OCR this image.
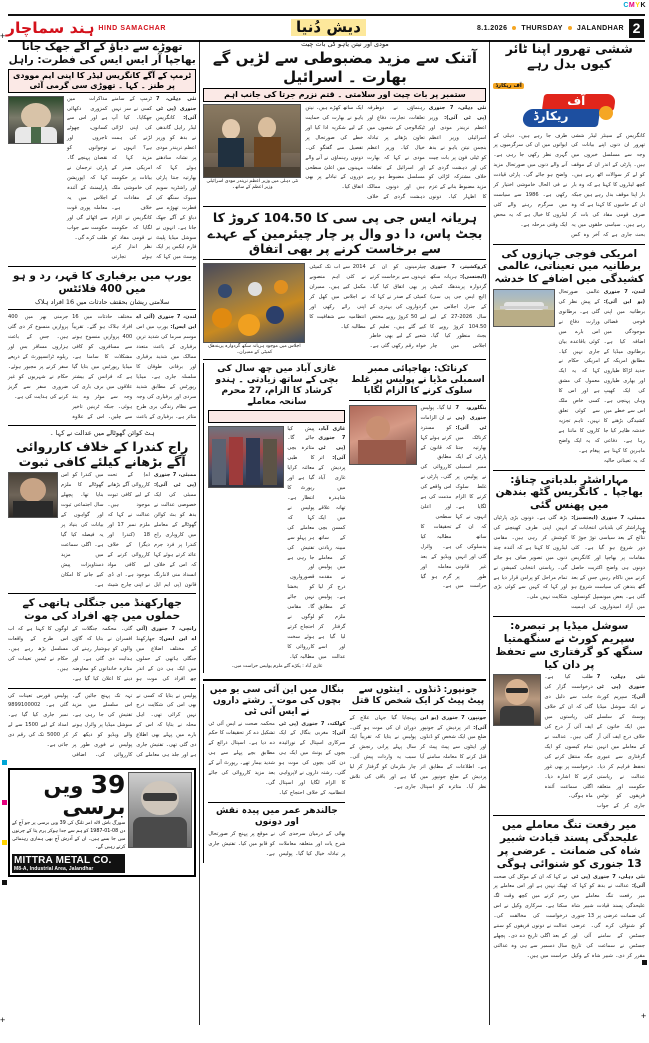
+
+
+
+
CMYK
ہند سماچار HIND SAMACHAR	دیش دُنیا	8.1.2026 THURSDAY JALANDHAR 2
تھوڑے سے دباؤ کے آگے جھک جانا بھاجپا آر ایس ایس کی فطرت: راہل
ٹرمپ کے آگے کانگریس لیڈر کا اپنی ایم موودی پر طنز ۔ کہا ۔ تھوڑی سی گرمی آئی
نئی دہلی، 7 جنوری (پی ٹی آئی): کانگریس لیڈر راہل گاندھی نے بدھ کو وزیر اعظم نریندر مودی پر نشانہ سادھتے ہوئے کہا کہ بھارتیہ جنتا پارٹی اور راشٹریہ سویم سیوک سنگھ کی فطرت تھوڑے سے دباؤ کے آگے جھک جانا ہے۔ انہوں نے سوشل میڈیا پلیٹ فارم ایکس پر ایک پوسٹ میں کہا کہ ٹرمپ کے سامنے کسی نے سر نہیں جھکایا۔ کیا آپ کی اپنی لڑائی لڑنے کی ہمت ہے؟ انہوں نے مزید کہا کہ امریکی صدر کے بیانات پر حکومت کی خاموشی ملک کے مفادات کے خلاف ہے۔ کانگریس نے الزام لگایا کہ حکومت نے قومی مفاد کو نظر انداز کرتے ہوئے تجارتی مذاکرات میں کمزوری دکھائی ہے اور اس سے کسانوں، چھوٹے تاجروں اور نوجوانوں کو نقصان پہنچے گا۔ پارٹی ترجمان نے کہا کہ اپوزیشن پارلیمنٹ کے آئندہ اجلاس میں یہ معاملہ پوری قوت سے اٹھائے گی اور حکومت سے جواب طلب کرے گی۔
یورپ میں برفباری کا قہر، رد و ہو میں 400 فلائٹس
سلامتی ریشان بحقتف حادثات میں 16 افراد ہلاک
لندن، 7 جنوری (آئی اے این ایس): یورپ میں اس موسم سرما کی شدید ترین برفباری کے باعث متعدد ممالک میں شدید برفباری اور برفانی طوفان کا سلسلہ جاری ہے۔ میڈیا رپورٹس کے مطابق شدید سردی اور برفباری کی وجہ سے نظام زندگی بری طرح متاثر ہے۔ برفباری کے باعث مختلف حادثات میں 16 افراد ہلاک ہو گئے۔ تقریباً 400 پروازیں منسوخ ہونے سے مسافروں کو کافی مشکلات کا سامنا ہے۔ میڈیا رپورٹس میں بتایا گیا ہے کہ فرانس کے بیشتر علاقوں میں برف باری کی وجہ سے موٹر وے بند ہوئی۔ جبکہ ٹرینیں تاخیر سے چلیں۔ اس کے علاوہ جرمنی بھر میں 400 پروازیں منسوخ کر دی گئی ہیں۔ جس کے باعث ہزاروں مسافر بس اور ریلوے ٹرانسپورٹ کے ذریعے سفر کرنے پر مجبور ہوئے۔ حکام نے شہریوں کو غیر ضروری سفر سے گریز کرنے کی ہدایت کی ہے۔
ہٹ کوائن گھوٹالے میں عدالت نے کہا ۔
راج کندرا کے خلاف کارروائی آگے بڑھانے کیلئے کافی ثبوت
ممبئی، 7 جنوری (پی ٹی آئی): ممبئی کی ایک خصوصی عدالت نے بدھ کو بٹ کوائن گھوٹالے کے معاملے میں کاروباری راج کندرا پر فرد جرم عائد کرتے ہوئے کہا کہ اس کے خلاف انسداد منی لانڈرنگ قانون (پی ایم ایل اے) کے تحت کارروائی آگے بڑھانے کے لیے کافی ثبوت موجود ہیں۔ عدالت نے کہا کہ ملزم نمبر 17 اور 18 (کندرا اور دیگر) کے خلاف کارروائی کرنے کے لیے کافی مواد موجود ہے۔ ای ڈی نے اپنی چارج شیٹ میں کندرا کو اس گھوٹالے کا ملزم بنایا تھا۔ پچھلے سال اجتماعی ثبوت اور گواہوں کے بیانات کی بنیاد پر یہ فیصلہ کیا گیا ہے۔ اگلی سماعت میں مزید دستاویزات پیش کیے جانے کا امکان ہے۔
جھارکھنڈ میں جنگلی ہاتھی کے حملوں میں چھ افراد کی موت
رانچی، 7 جنوری (آئی اے این ایس): جھارکھنڈ کے مختلف اضلاع میں جنگلی ہاتھی کے حملوں میں ایک ہی دن کے اندر چھ افراد کی موت ہو گئی۔ محکمہ جنگلات کے افسران نے بتایا کہ گاؤں والوں کو ہوشیار رہنے کی ہدایت دی گئی ہے۔ اور متاثرہ خاندانوں کو معاوضہ دینے کا اعلان کیا گیا ہے۔ لوگوں کا کہنا ہے کہ اب اس طرح کے واقعات مسلسل بڑھ رہے ہیں۔ حکام نے ٹیمیں تعینات کی ہیں۔
پولیس نے بتایا کہ کسی نے بھی اس کی شکایت درج نہیں کرائی تھی۔ اہل محلہ نے بتایا کہ اس کے بارے میں پہلے بھی اطلاع دی گئی تھی۔ تفتیش جاری ہے اور جلد ہی معاملے کی تہہ تک پہنچ جائیں گے۔ اس سلسلے میں مزید تفتیش کی جا رہی ہے۔ سوشل میڈیا پر وائرل ہونے والے ویڈیو کو دیکھ کر پولیس نے فوری طور پر کارروائی کی۔ اضافی پولیس فورس تعینات کی گئی ہے۔ 9899100002 نمبر جاری کیا گیا ہے۔ امداد کے لیے 1500 سے لے کر 5000 تک کی رقم دی جاتی ہے۔
39 ویں برسی
سورگ باش لالہ امر تلنگ کی 39 ویں برسی پر جو آج کے دن 08-01-1987 کو ہم سے جدا ہوکر پرم پتا کے چرنوں میں جا بسے ہیں۔ ان کے آدرش آج بھی ہماری رہنمائی کرتے رہیں گے۔
MITTRA METAL CO.
M8-A, Industrial Area, Jalandhar
مودی اور نیتن یاہو کی بات چیت
آتنک سے مزید مضبوطی سے لڑیں گے بھارت ۔ اسرائیل
ستمبر پر بات چیت اور سلامتی ۔ قتم نزرم جرتا کی جانب اہم
نئی دہلی میں وزیر اعظم نریندر مودی اسرائیلی وزیر اعظم کے ساتھ۔
نئی دہلی، 7 جنوری (پی ٹی آئی): وزیر اعظم نریندر مودی اور اسرائیلی وزیر اعظم بنجمن نیتن یاہو نے بدھ کو ٹیلی فون پر بات چیت کی اور دہشت گردی کے خلاف مشترکہ لڑائی کو مزید مضبوط بنانے کے عزم کا اظہار کیا۔ دونوں رہنماؤں نے دوطرفہ تعلقات، تجارت، دفاع اور ٹیکنالوجی کے شعبوں میں تعاون بڑھانے پر تبادلہ خیال کیا۔ وزیر اعظم مودی نے کہا کہ بھارت اور اسرائیل کے تعلقات مسلسل مضبوط ہو رہے ہیں اور دونوں ممالک دہشت گردی کے خلاف ایک ساتھ کھڑے ہیں۔ نیتن یاہو نے بھارت کی حمایت کے لیے شکریہ ادا کیا اور خطے کی صورتحال پر تفصیل سے گفتگو کی۔ دونوں رہنماؤں نے آنے والے مہینوں میں اعلیٰ سطحی دوروں کے تبادلے پر بھی اتفاق کیا۔
ہریانہ ایس جی پی سی کا 104.50 کروڑ کا بجٹ پاس، دا دو وال پر چار چیئرمین کے عہدے سے برخاست کرنے پر بھی اتفاق
اجلاس میں موجود ہریانہ سکھ گردوارہ پربندھک کمیٹی کے ممبران۔
کروکشیتر، 7 جنوری (ایجنسی): ہریانہ سکھ گردوارہ پربندھک کمیٹی (ایچ ایس جی پی سی) کے جنرل اجلاس میں سال 2026-27 کے لیے 104.50 کروڑ روپے کا بجٹ منظور کیا گیا۔ اجلاس میں چار چیئرمینوں کو ان کے عہدوں سے برخاست کرنے پر بھی اتفاق کیا گیا۔ کمیٹی کے صدر نے کہا کہ گردواروں کی بہتری کے لیے 50 کروڑ روپے مختص کیے گئے ہیں۔ تعلیم کے شعبے کے لیے بھی خاطر خواہ رقم رکھی گئی ہے۔ 2014 سے اب تک کمیٹی نے کئی اہم منصوبے مکمل کیے ہیں۔ ممبران نے اجلاس میں کھل کر اپنی رائے رکھی اور انتظامیہ سے شفافیت کا مطالبہ کیا۔
غازی آباد میں چھ سال کی بچی کے ساتھ زیادتی ۔ ہندو کرشاد کا الزام، 27 محرم سانحہ معاملے

غازی آباد، 7 جنوری (پی ٹی آئی): اتر پردیش کے غازی آباد میں شاہدرہ تھانہ علاقے میں ایک کمسن بچی کے ساتھ مبینہ زیادتی کے معاملے میں پولیس نے مقدمہ درج کر لیا ہے۔ پولیس کے مطابق ملزم کو گرفتار کر لیا گیا ہے اور اسے عدالت میں پیش کیا جائے گا۔ متاثرہ بچی کا طبی معائنہ کرایا گیا ہے اور رپورٹ کا انتظار ہے۔ پولیس نے کہا کہ معاملے کی ہر پہلو سے تفتیش کی جا رہی ہے اور قصورواروں کو بخشا نہیں جائے گا۔ مقامی لوگوں نے احتجاج کرتے ہوئے سخت کارروائی کا مطالبہ کیا۔
غازی آباد : پکڑے گئے ملزم پولیس حراست میں۔
کرناٹک: بھاجپائی ممبر اسمبلی مڈیا نے پولیس پر غلط سلوک کرنے کا الزام لگایا
بنگلورو، 7 جنوری (پی ٹی آئی): کرناٹک میں بھارتیہ جنتا پارٹی کے ایک ممبر اسمبلی نے پولیس پر غلط سلوک کرنے کا الزام لگایا ہے۔ انہوں نے کہا کہ ان کے ساتھ بدسلوکی کی گئی اور انہیں غیر قانونی طور پر حراست میں لیا گیا۔ پولیس نے ان الزامات کو مسترد کرتے ہوئے کہا کہ قانون کے مطابق کارروائی کی گئی۔ پارٹی نے اس واقعے کی مذمت کی ہے اور اعلیٰ سطحی تحقیقات کا مطالبہ کیا ہے۔ وائرل ویڈیو کے بعد معاملہ اور گرم ہو گیا ہے۔
بنگال میں این آئی سی یو میں بچوں کی موت ۔ رشتے داروں نے ایس آئی ٹی
کولکتہ، 7 جنوری (پی ٹی آئی): مغربی بنگال کے ایک سرکاری اسپتال کے نوزائیدہ بچوں کے یونٹ میں ایک ہی دن کئی بچوں کی موت ہو گئی۔ رشتہ داروں نے لاپرواہی کا الزام لگایا اور اسپتال انتظامیہ کے خلاف احتجاج کیا۔ محکمہ صحت نے ایس آئی ٹی تشکیل دے کر تحقیقات کا حکم دے دیا ہے۔ اسپتال ذرائع کے مطابق بچے پہلے سے ہی شدید بیمار تھے۔ رپورٹ آنے کے بعد مزید کارروائی کی جائے گی۔
جالندھر عمر میں پیدہ نقش اور دونوں
بھائی کے درمیان سرحدی کی شرح یات اور متعلقہ معاملات پر تبادلہ خیال کیا گیا۔ پولیس نے موقع پر پہنچ کر صورتحال کو قابو میں کیا۔ تفتیش جاری ہے۔
جونپور: ڈنڈوں ۔ اینٹوں سے پیٹ پیٹ کر ایک شخص کا قتل
جونپور، 7 جنوری (یو این آئی): اتر پردیش کے جونپور ضلع میں ایک شخص کو ڈنڈوں اور اینٹوں سے پیٹ پیٹ کر قتل کرنے کا معاملہ سامنے آیا ہے۔ اطلاعات کے مطابق اتر پردیش کے ضلع جونپور میں نظر آیا۔ متاثرہ کو اسپتال پہنچایا گیا جہاں علاج کے دوران ان کی موت ہو گئی۔ پولیس نے بتایا کہ تقریباً ایک سال پہلے پرانی رنجش کے سبب یہ واردات پیش آئی۔ چار ملزمان کو گرفتار کر لیا گیا ہے اور باقی کی تلاش جاری ہے۔
ششی تھرور اپنا ٹائر کیوں بدل رہے
آف ریکارڈ
آف
ریکارڈ
کانگریس کے سینئر لیڈر ششی تھرور ان دنوں اپنے بیانات کی وجہ سے مسلسل خبروں میں ہیں۔ پارٹی کے اندر ان کے موقف کو لے کر سوالات اٹھ رہے ہیں۔ کچھ لیڈروں کا کہنا ہے کہ وہ بار بار اپنا موقف بدل رہے ہیں جبکہ ان کے حامیوں کا کہنا ہے کہ وہ صرف قومی مفاد کی بات کر رہے ہیں۔ سیاسی حلقوں میں یہ بحث جاری ہے کہ آخر وہ کس طرف جا رہے ہیں۔ دہلی کے ایوانوں میں ان کی سرگرمیوں پر گہری نظر رکھی جا رہی ہے۔ آنے والے دنوں میں صورتحال مزید واضح ہو جائے گی۔ پارٹی قیادت نے فی الحال خاموشی اختیار کر رکھی ہے۔ 1986 سے سیاست میں سرگرم رہنے والے کئی لیڈروں کا خیال ہے کہ یہ محض ایک وقتی مرحلہ ہے۔
امریکی فوجی جہازوں کی برطانیہ میں تعیناتی، عالمی کشیدگی میں اضافے کا خدشہ
لندن، 7 جنوری (یو این آئی): برطانیہ میں اپنی فوجی فضائی موجودگی میں اضافہ کیا ہے۔ برطانوی میڈیا کے مطابق امریکہ کے جدید لڑاکا طیاروں اور بھاری طیاروں کی ایک کھیپ وہاں پہنچی ہے۔ اس سے خطے میں کشیدگی بڑھنے کا خدشہ ظاہر کیا جا رہا ہے۔ دفاعی ماہرین کا کہنا ہے کہ یہ تعیناتی حالیہ عالمی صورتحال کے پیش نظر کی گئی ہے۔ برطانوی وزارت دفاع نے اس بارے میں کوئی باقاعدہ بیان جاری نہیں کیا۔ امریکی حکام نے کہا کہ یہ ایک معمول کی مشق ہے اور اس کا کسی خاص ملک سے کوئی تعلق نہیں۔ تاہم تجزیہ کاروں کا ماننا ہے کہ یہ ایک واضح پیغام ہے۔
مہاراشٹر بلدیاتی چناؤ: بھاجپا ۔ کانگریس گٹھ بندھن میں پھنس گئی
ممبئی، 7 جنوری (ایجنسیز): مہاراشٹر کی بلدیاتی انتخابات کے نتائج کے بعد سیاسی توڑ جوڑ کا دور شروع ہو گیا ہے۔ کئی مقامات پر بھاجپا اور کانگریس دونوں ہی واضح اکثریت حاصل کرنے میں ناکام رہیں جس کے بعد گٹھ بندھن کی سیاست شروع ہو گئی ہے۔ بعض میونسپل کونسلوں میں آزاد امیدواروں کی اہمیت بڑھ گئی ہے۔ دونوں بڑی پارٹیاں انہیں اپنی طرف کھینچنے کی کوشش کر رہی ہیں۔ مقامی لیڈروں کا کہنا ہے کہ آئندہ چند دنوں میں تصویر صاف ہو جائے گی۔ ریاستی انتخابی کمیشن نے تمام مراحل کو پرامن قرار دیا ہے اور کہا کہ کہیں سے کوئی بڑی شکایت نہیں ملی۔
سوشل میڈیا پر تبصرہ: سپریم کورٹ نے سنگھمتیا سنگھ کو گرفتاری سے تحفظ پر دان کیا
نئی دہلی، 7 جنوری (پی ٹی آئی): سپریم کورٹ نے ایک سوشل میڈیا پوسٹ کے سلسلے میں ایک خاتون کے خلاف درج ایف آئی آر کے معاملے میں انہیں گرفتاری سے عبوری تحفظ فراہم کر دیا۔ عدالت نے ریاستی حکومت اور متعلقہ فریقوں کو نوٹس جاری کر کے جواب طلب کیا ہے۔ درخواست گزار کی جانب سے دلیل دی گئی کہ ان کے خلاف کئی ریاستوں میں ایف آئی آر درج کی گئی ہیں۔ عدالت نے تمام کیسوں کو ایک جگہ منتقل کرنے کی درخواست پر بھی غور کرنے کا اشارہ دیا۔ اگلی سماعت آئندہ ماہ ہوگی۔
میر رفعت تنگ معاملے میں علیحدگی پسند قیادت شبیر شاہ کی ضمانت ۔ عرضی پر 13 جنوری کو شنوائی ہوگی
نئی دہلی، 7 جنوری (پی ٹی آئی): عدالت نے بدھ کو کہا کہ میر رفعت تنگ معاملے میں علیحدگی پسند قیادت شبیر شاہ کی ضمانت عرضی پر 13 جنوری کو شنوائی کرے گی۔ عرضی جسٹس کے سامنے آئی اور جسٹس نے سماعت کی تاریخ مقرر کر دی۔ شبیر شاہ کے وکیل نے کہا کہ ان کے موکل کی صحت ٹھیک نہیں ہے اور اس معاملے پر رحم کرنے میں کچھ وقت لگ سکتا ہے۔ سرکاری وکیل نے اس درخواست کی مخالفت کی۔ عدالت نے دونوں فریقوں کو سننے کے بعد اگلی تاریخ دے دی۔ پچھلے سال دسمبر سے ہی وہ عدالتی حراست میں ہیں۔
